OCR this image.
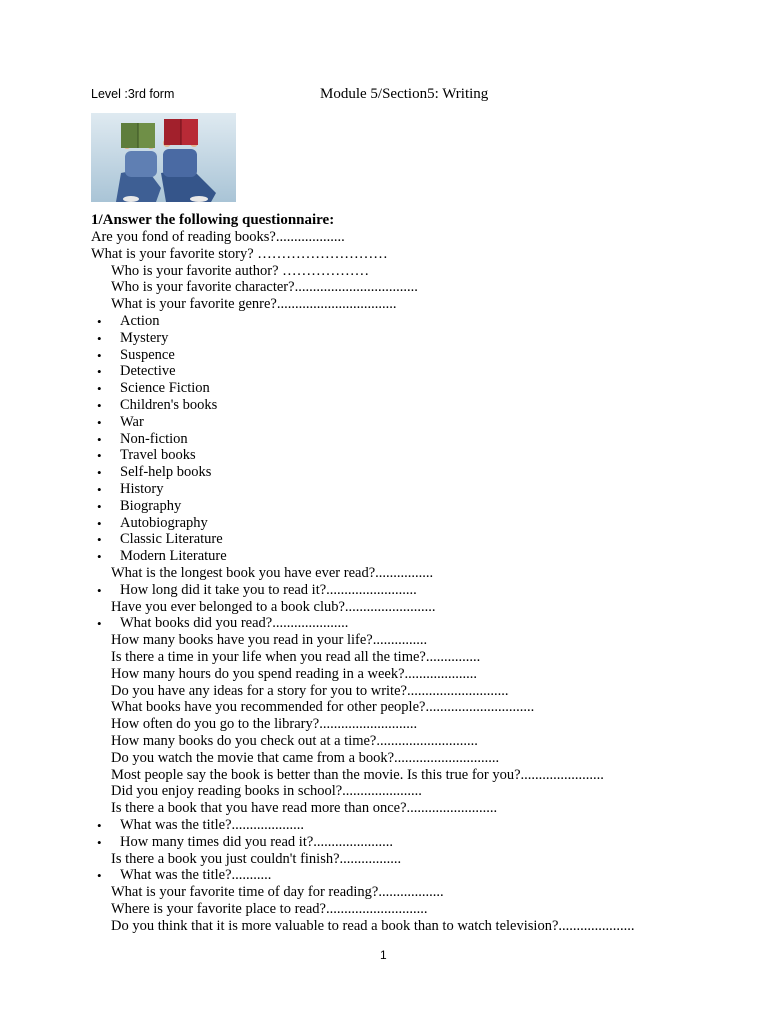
Level :3rd form	Module 5/Section5: Writing
1/Answer the following questionnaire:
Are you fond of reading books?...................
What is your favorite story? ………………………
Who is your favorite author? ………………
Who is your favorite character?..................................
What is your favorite genre?.................................
• Action
• Mystery
• Suspence
• Detective
• Science Fiction
• Children's books
• War
• Non-fiction
• Travel books
• Self-help books
• History
• Biography
• Autobiography
• Classic Literature
• Modern Literature
What is the longest book you have ever read?................
• How long did it take you to read it?.........................
Have you ever belonged to a book club?.........................
• What books did you read?.....................
How many books have you read in your life?...............
Is there a time in your life when you read all the time?...............
How many hours do you spend reading in a week?....................
Do you have any ideas for a story for you to write?............................
What books have you recommended for other people?..............................
How often do you go to the library?...........................
How many books do you check out at a time?............................
Do you watch the movie that came from a book?.............................
Most people say the book is better than the movie. Is this true for you?.......................
Did you enjoy reading books in school?......................
Is there a book that you have read more than once?.........................
• What was the title?....................
• How many times did you read it?......................
Is there a book you just couldn't finish?.................
• What was the title?...........
What is your favorite time of day for reading?..................
Where is your favorite place to read?............................
Do you think that it is more valuable to read a book than to watch television?.....................
1
